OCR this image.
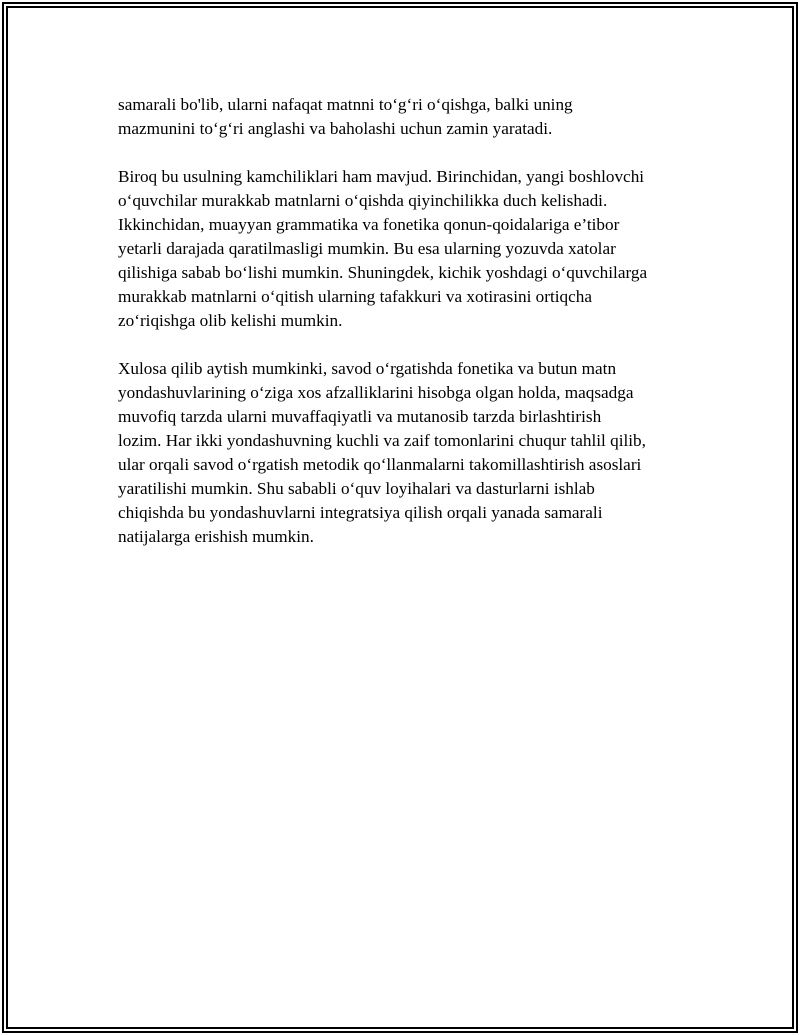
samarali bo'lib, ularni nafaqat matnni to‘g‘ri o‘qishga, balki uning
mazmunini to‘g‘ri anglashi va baholashi uchun zamin yaratadi.

Biroq bu usulning kamchiliklari ham mavjud. Birinchidan, yangi boshlovchi
o‘quvchilar murakkab matnlarni o‘qishda qiyinchilikka duch kelishadi.
Ikkinchidan, muayyan grammatika va fonetika qonun-qoidalariga e’tibor
yetarli darajada qaratilmasligi mumkin. Bu esa ularning yozuvda xatolar
qilishiga sabab bo‘lishi mumkin. Shuningdek, kichik yoshdagi o‘quvchilarga
murakkab matnlarni o‘qitish ularning tafakkuri va xotirasini ortiqcha
zo‘riqishga olib kelishi mumkin.

Xulosa qilib aytish mumkinki, savod o‘rgatishda fonetika va butun matn
yondashuvlarining o‘ziga xos afzalliklarini hisobga olgan holda, maqsadga
muvofiq tarzda ularni muvaffaqiyatli va mutanosib tarzda birlashtirish
lozim. Har ikki yondashuvning kuchli va zaif tomonlarini chuqur tahlil qilib,
ular orqali savod o‘rgatish metodik qo‘llanmalarni takomillashtirish asoslari
yaratilishi mumkin. Shu sababli o‘quv loyihalari va dasturlarni ishlab
chiqishda bu yondashuvlarni integratsiya qilish orqali yanada samarali
natijalarga erishish mumkin.
